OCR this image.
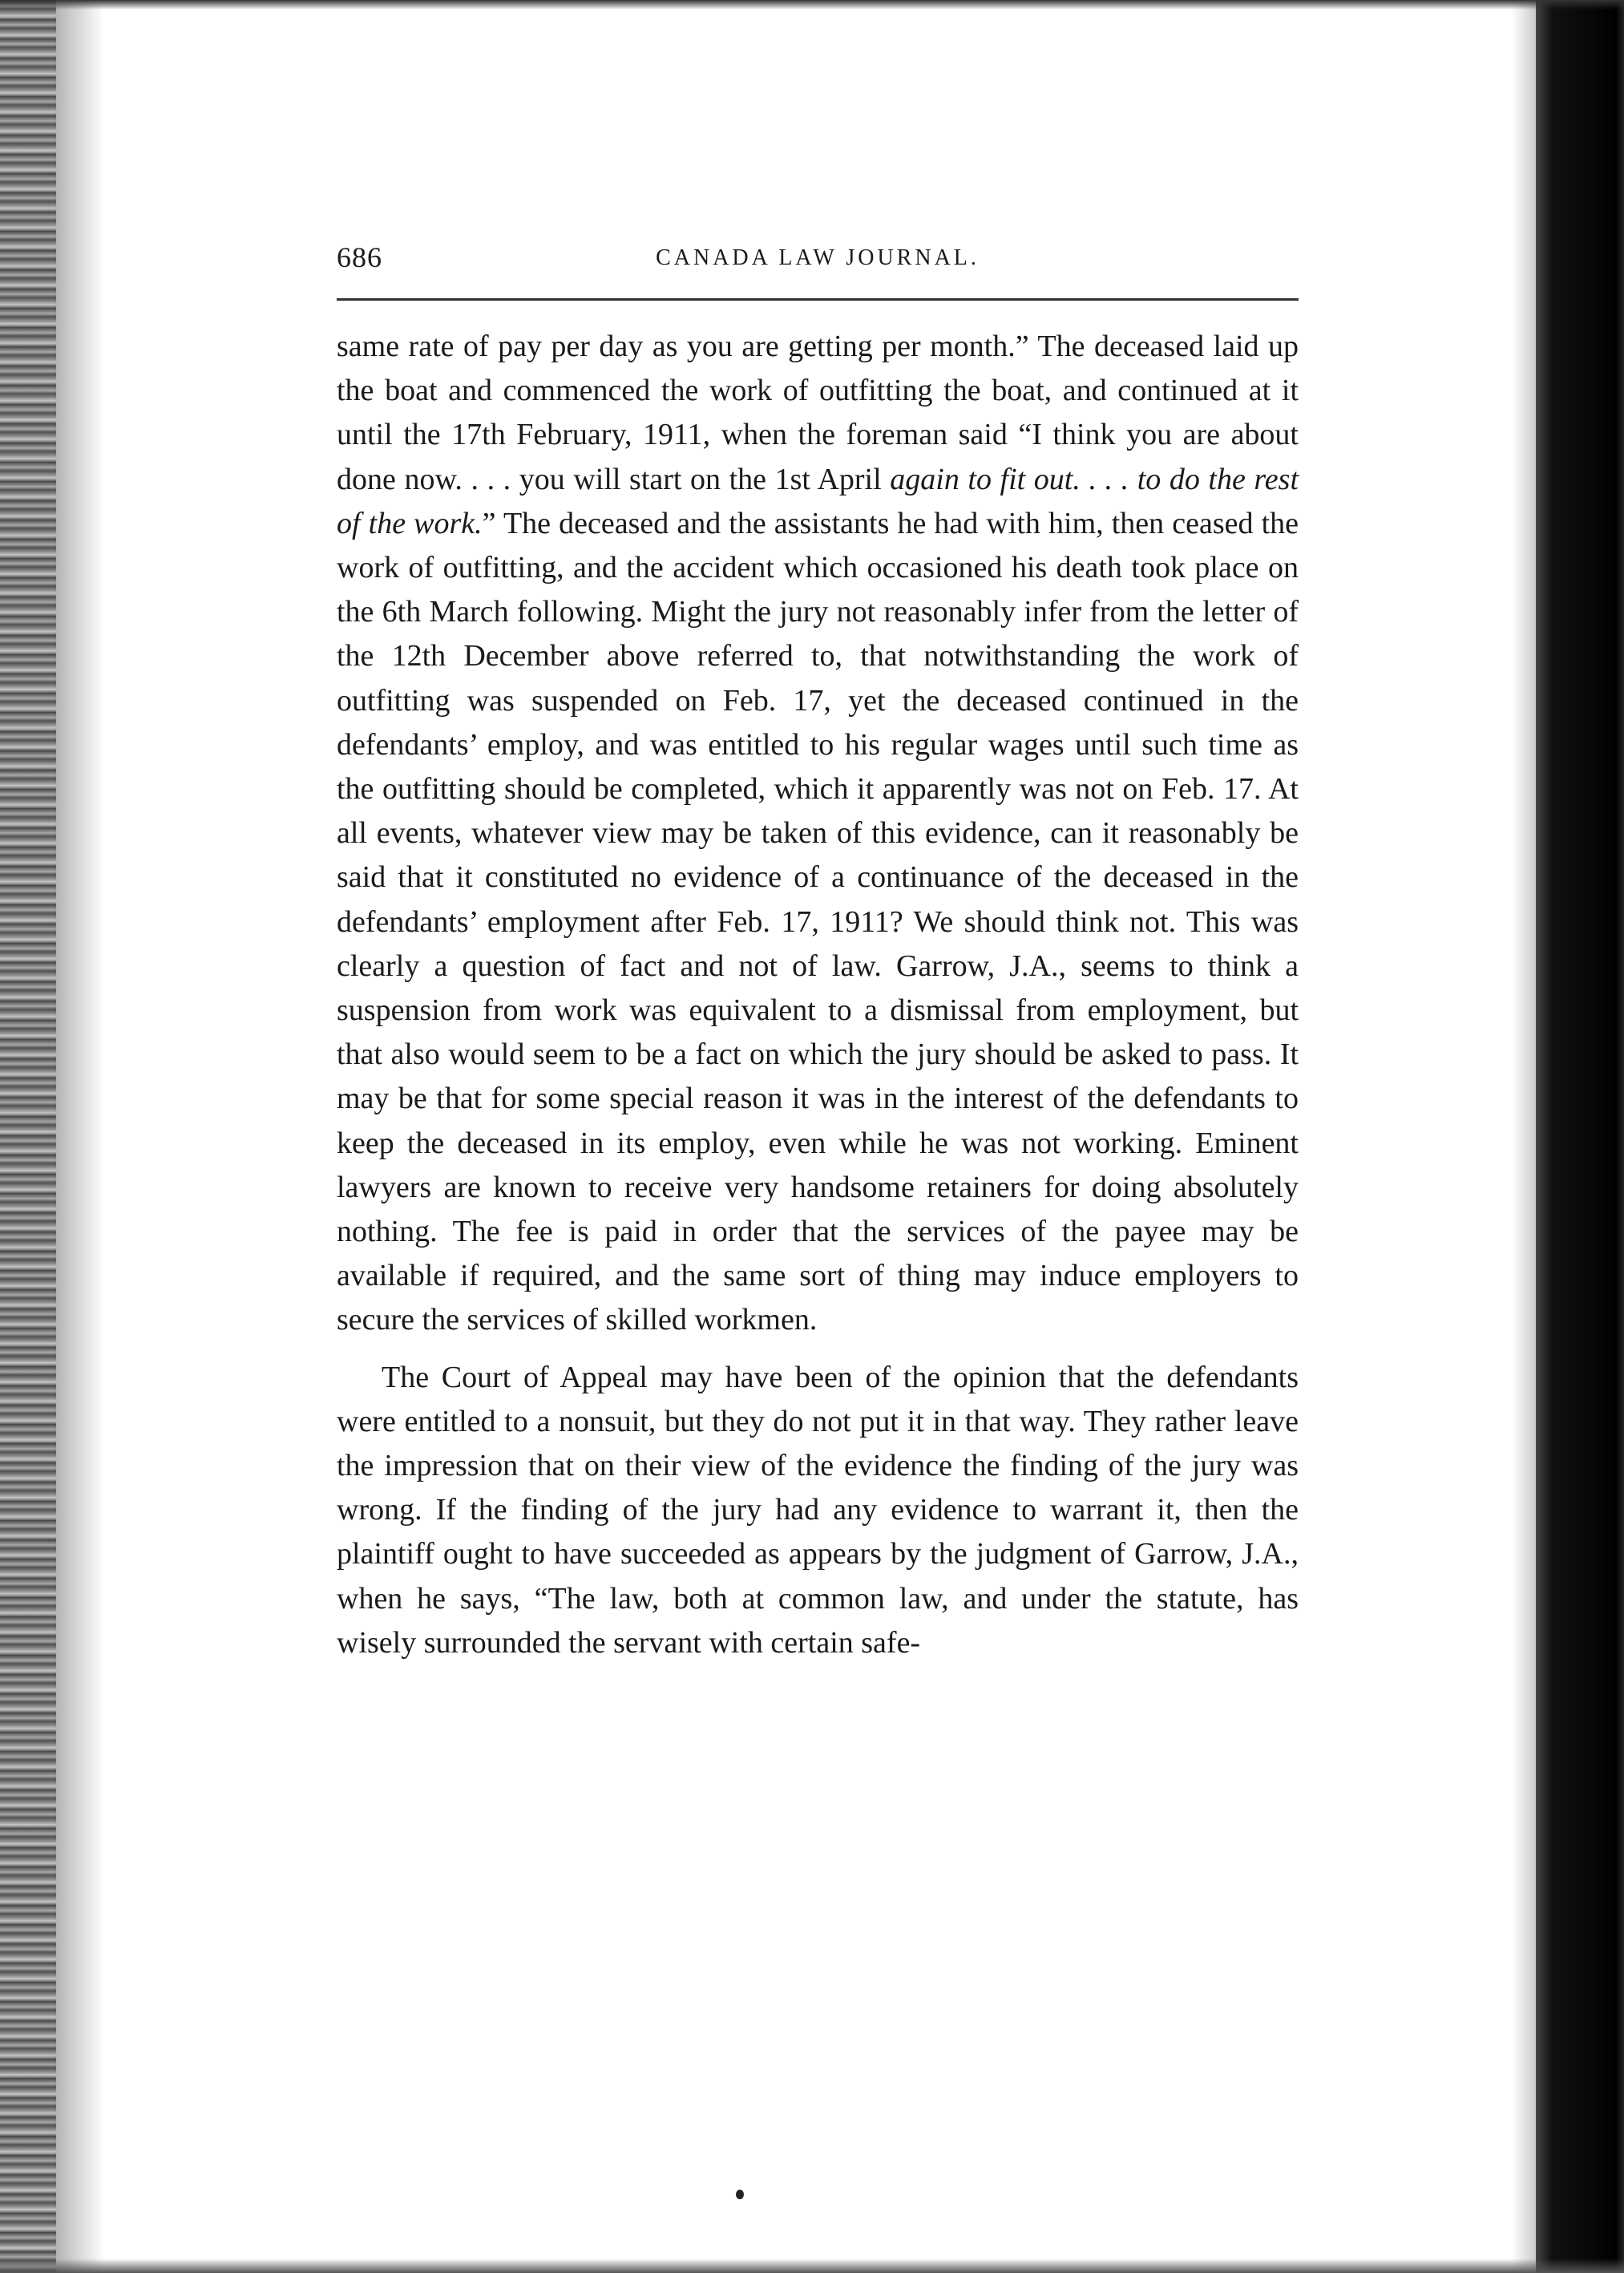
686	CANADA LAW JOURNAL.

same rate of pay per day as you are getting per month.” The deceased laid up the boat and commenced the work of outfitting the boat, and continued at it until the 17th February, 1911, when the foreman said “I think you are about done now. . . . you will start on the 1st April again to fit out. . . . to do the rest of the work.” The deceased and the assistants he had with him, then ceased the work of outfitting, and the accident which occasioned his death took place on the 6th March following. Might the jury not reasonably infer from the letter of the 12th December above referred to, that notwithstanding the work of outfitting was suspended on Feb. 17, yet the deceased continued in the defendants’ employ, and was entitled to his regular wages until such time as the outfitting should be completed, which it apparently was not on Feb. 17. At all events, whatever view may be taken of this evidence, can it reasonably be said that it constituted no evidence of a continuance of the deceased in the defendants’ employment after Feb. 17, 1911? We should think not. This was clearly a question of fact and not of law. Garrow, J.A., seems to think a suspension from work was equivalent to a dismissal from employment, but that also would seem to be a fact on which the jury should be asked to pass. It may be that for some special reason it was in the interest of the defendants to keep the deceased in its employ, even while he was not working. Eminent lawyers are known to receive very handsome retainers for doing absolutely nothing. The fee is paid in order that the services of the payee may be available if required, and the same sort of thing may induce employers to secure the services of skilled workmen.

The Court of Appeal may have been of the opinion that the defendants were entitled to a nonsuit, but they do not put it in that way. They rather leave the impression that on their view of the evidence the finding of the jury was wrong. If the finding of the jury had any evidence to warrant it, then the plaintiff ought to have succeeded as appears by the judgment of Garrow, J.A., when he says, “The law, both at common law, and under the statute, has wisely surrounded the servant with certain safe-
